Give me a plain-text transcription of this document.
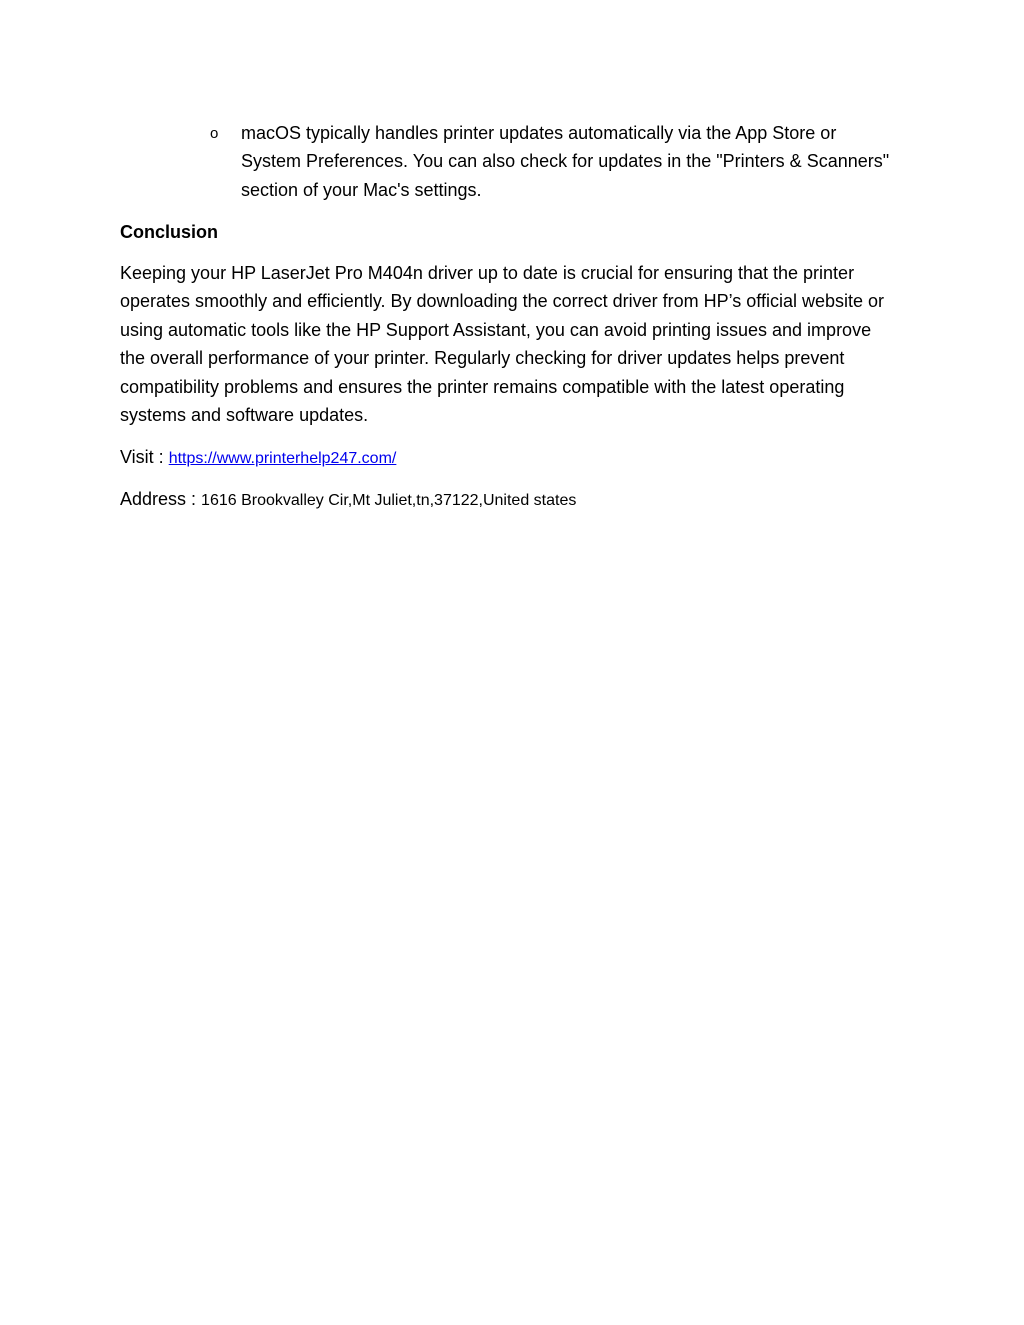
o macOS typically handles printer updates automatically via the App Store or System Preferences. You can also check for updates in the "Printers & Scanners" section of your Mac's settings.
Conclusion
Keeping your HP LaserJet Pro M404n driver up to date is crucial for ensuring that the printer operates smoothly and efficiently. By downloading the correct driver from HP’s official website or using automatic tools like the HP Support Assistant, you can avoid printing issues and improve the overall performance of your printer. Regularly checking for driver updates helps prevent compatibility problems and ensures the printer remains compatible with the latest operating systems and software updates.
Visit : https://www.printerhelp247.com/
Address : 1616 Brookvalley Cir,Mt Juliet,tn,37122,United states
